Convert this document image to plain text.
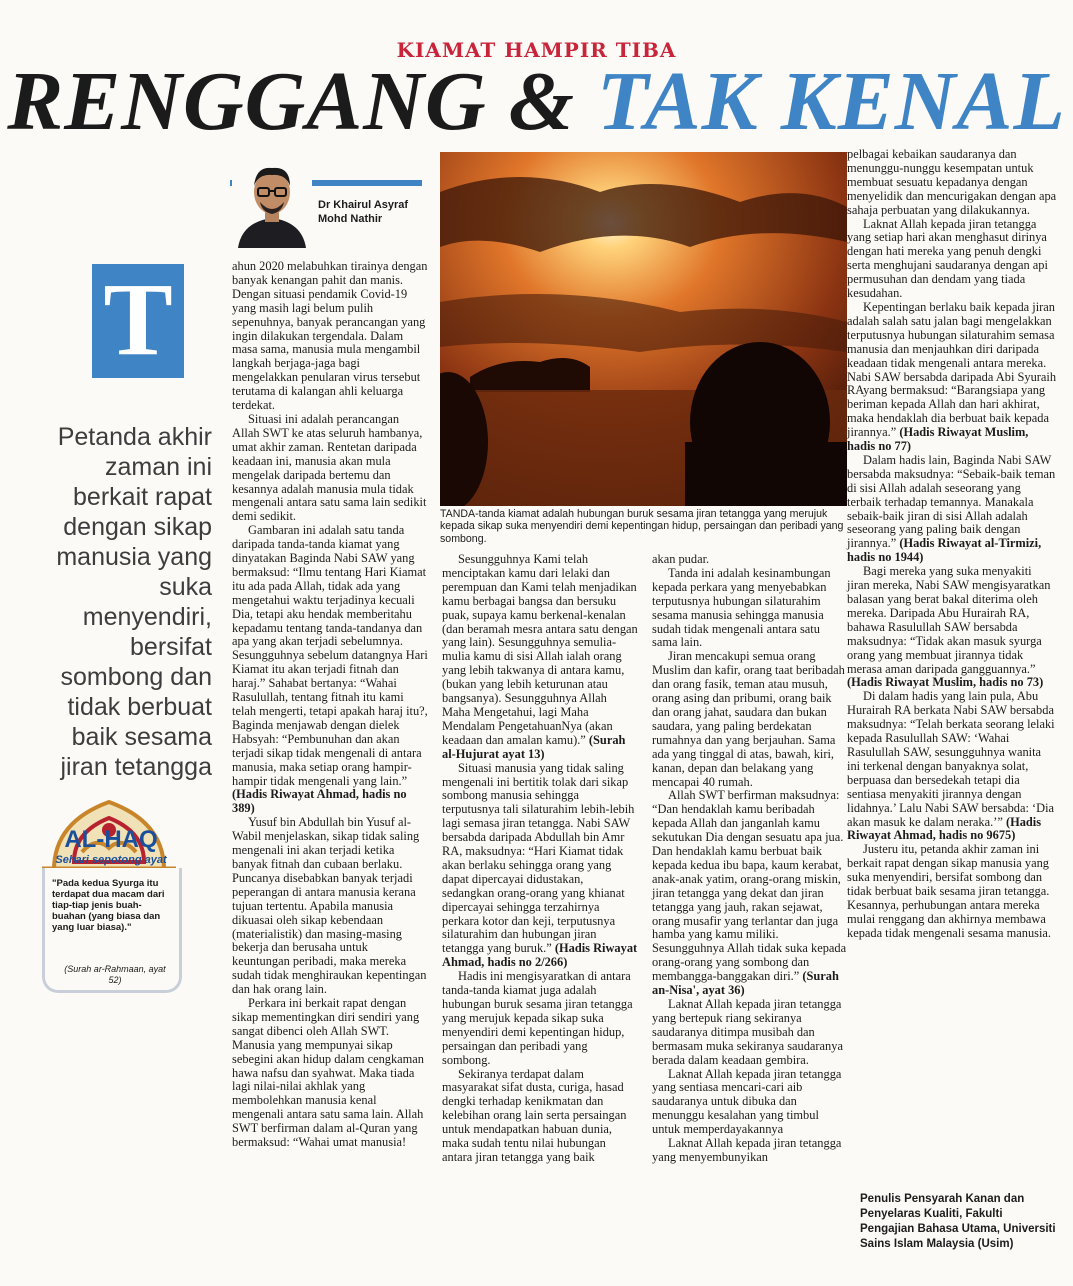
KIAMAT HAMPIR TIBA
RENGGANG & TAK KENAL
Dr Khairul Asyraf Mohd Nathir
T
Petanda akhir zaman ini berkait rapat dengan sikap manusia yang suka menyendiri, bersifat sombong dan tidak berbuat baik sesama jiran tetangga
AL-HAQ
Sehari sepotong ayat
"Pada kedua Syurga itu terdapat dua macam dari tiap-tiap jenis buah-buahan (yang biasa dan yang luar biasa)."
(Surah ar-Rahmaan, ayat 52)
TANDA-tanda kiamat adalah hubungan buruk sesama jiran tetangga yang merujuk kepada sikap suka menyendiri demi kepentingan hidup, persaingan dan peribadi yang sombong.

ahun 2020 melabuhkan tirainya dengan banyak kenangan pahit dan manis. Dengan situasi pendamik Covid-19 yang masih lagi belum pulih sepenuhnya, banyak perancangan yang ingin dilakukan tergendala. Dalam masa sama, manusia mula mengambil langkah berjaga-jaga bagi mengelakkan penularan virus tersebut terutama di kalangan ahli keluarga terdekat.

Situasi ini adalah perancangan Allah SWT ke atas seluruh hambanya, umat akhir zaman. Rentetan daripada keadaan ini, manusia akan mula mengelak daripada bertemu dan kesannya adalah manusia mula tidak mengenali antara satu sama lain sedikit demi sedikit.

Gambaran ini adalah satu tanda daripada tanda-tanda kiamat yang dinyatakan Baginda Nabi SAW yang bermaksud: “Ilmu tentang Hari Kiamat itu ada pada Allah, tidak ada yang mengetahui waktu terjadinya kecuali Dia, tetapi aku hendak memberitahu kepadamu tentang tanda-tandanya dan apa yang akan terjadi sebelumnya. Sesungguhnya sebelum datangnya Hari Kiamat itu akan terjadi fitnah dan haraj.” Sahabat bertanya: “Wahai Rasulullah, tentang fitnah itu kami telah mengerti, tetapi apakah haraj itu?, Baginda menjawab dengan dielek Habsyah: “Pembunuhan dan akan terjadi sikap tidak mengenali di antara manusia, maka setiap orang hampir-hampir tidak mengenali yang lain.” (Hadis Riwayat Ahmad, hadis no 389)

Yusuf bin Abdullah bin Yusuf al-Wabil menjelaskan, sikap tidak saling mengenali ini akan terjadi ketika banyak fitnah dan cubaan berlaku. Puncanya disebabkan banyak terjadi peperangan di antara manusia kerana tujuan tertentu. Apabila manusia dikuasai oleh sikap kebendaan (materialistik) dan masing-masing bekerja dan berusaha untuk keuntungan peribadi, maka mereka sudah tidak menghiraukan kepentingan dan hak orang lain.

Perkara ini berkait rapat dengan sikap mementingkan diri sendiri yang sangat dibenci oleh Allah SWT. Manusia yang mempunyai sikap sebegini akan hidup dalam cengkaman hawa nafsu dan syahwat. Maka tiada lagi nilai-nilai akhlak yang membolehkan manusia kenal mengenali antara satu sama lain. Allah SWT berfirman dalam al-Quran yang bermaksud: “Wahai umat manusia!

Sesungguhnya Kami telah menciptakan kamu dari lelaki dan perempuan dan Kami telah menjadikan kamu berbagai bangsa dan bersuku puak, supaya kamu berkenal-kenalan (dan beramah mesra antara satu dengan yang lain). Sesungguhnya semulia-mulia kamu di sisi Allah ialah orang yang lebih takwanya di antara kamu, (bukan yang lebih keturunan atau bangsanya). Sesungguhnya Allah Maha Mengetahui, lagi Maha Mendalam PengetahuanNya (akan keadaan dan amalan kamu).” (Surah al-Hujurat ayat 13)

Situasi manusia yang tidak saling mengenali ini bertitik tolak dari sikap sombong manusia sehingga terputusnya tali silaturahim lebih-lebih lagi semasa jiran tetangga. Nabi SAW bersabda daripada Abdullah bin Amr RA, maksudnya: “Hari Kiamat tidak akan berlaku sehingga orang yang dapat dipercayai didustakan, sedangkan orang-orang yang khianat dipercayai sehingga terzahirnya perkara kotor dan keji, terputusnya silaturahim dan hubungan jiran tetangga yang buruk.” (Hadis Riwayat Ahmad, hadis no 2/266)

Hadis ini mengisyaratkan di antara tanda-tanda kiamat juga adalah hubungan buruk sesama jiran tetangga yang merujuk kepada sikap suka menyendiri demi kepentingan hidup, persaingan dan peribadi yang sombong.

Sekiranya terdapat dalam masyarakat sifat dusta, curiga, hasad dengki terhadap kenikmatan dan kelebihan orang lain serta persaingan untuk mendapatkan habuan dunia, maka sudah tentu nilai hubungan antara jiran tetangga yang baik

akan pudar.

Tanda ini adalah kesinambungan kepada perkara yang menyebabkan terputusnya hubungan silaturahim sesama manusia sehingga manusia sudah tidak mengenali antara satu sama lain.

Jiran mencakupi semua orang Muslim dan kafir, orang taat beribadah dan orang fasik, teman atau musuh, orang asing dan pribumi, orang baik dan orang jahat, saudara dan bukan saudara, yang paling berdekatan rumahnya dan yang berjauhan. Sama ada yang tinggal di atas, bawah, kiri, kanan, depan dan belakang yang mencapai 40 rumah.

Allah SWT berfirman maksudnya: “Dan hendaklah kamu beribadah kepada Allah dan janganlah kamu sekutukan Dia dengan sesuatu apa jua. Dan hendaklah kamu berbuat baik kepada kedua ibu bapa, kaum kerabat, anak-anak yatim, orang-orang miskin, jiran tetangga yang dekat dan jiran tetangga yang jauh, rakan sejawat, orang musafir yang terlantar dan juga hamba yang kamu miliki. Sesungguhnya Allah tidak suka kepada orang-orang yang sombong dan membangga-banggakan diri.” (Surah an-Nisa', ayat 36)

Laknat Allah kepada jiran tetangga yang bertepuk riang sekiranya saudaranya ditimpa musibah dan bermasam muka sekiranya saudaranya berada dalam keadaan gembira.

Laknat Allah kepada jiran tetangga yang sentiasa mencari-cari aib saudaranya untuk dibuka dan menunggu kesalahan yang timbul untuk memperdayakannya

Laknat Allah kepada jiran tetangga yang menyembunyikan

pelbagai kebaikan saudaranya dan menunggu-nunggu kesempatan untuk membuat sesuatu kepadanya dengan menyelidik dan mencurigakan dengan apa sahaja perbuatan yang dilakukannya.

Laknat Allah kepada jiran tetangga yang setiap hari akan menghasut dirinya dengan hati mereka yang penuh dengki serta menghujani saudaranya dengan api permusuhan dan dendam yang tiada kesudahan.

Kepentingan berlaku baik kepada jiran adalah salah satu jalan bagi mengelakkan terputusnya hubungan silaturahim semasa manusia dan menjauhkan diri daripada keadaan tidak mengenali antara mereka. Nabi SAW bersabda daripada Abi Syuraih RAyang bermaksud: “Barangsiapa yang beriman kepada Allah dan hari akhirat, maka hendaklah dia berbuat baik kepada jirannya.” (Hadis Riwayat Muslim, hadis no 77)

Dalam hadis lain, Baginda Nabi SAW bersabda maksudnya: “Sebaik-baik teman di sisi Allah adalah seseorang yang terbaik terhadap temannya. Manakala sebaik-baik jiran di sisi Allah adalah seseorang yang paling baik dengan jirannya.” (Hadis Riwayat al-Tirmizi, hadis no 1944)

Bagi mereka yang suka menyakiti jiran mereka, Nabi SAW mengisyaratkan balasan yang berat bakal diterima oleh mereka. Daripada Abu Hurairah RA, bahawa Rasulullah SAW bersabda maksudnya: “Tidak akan masuk syurga orang yang membuat jirannya tidak merasa aman daripada gangguannya.” (Hadis Riwayat Muslim, hadis no 73)

Di dalam hadis yang lain pula, Abu Hurairah RA berkata Nabi SAW bersabda maksudnya: “Telah berkata seorang lelaki kepada Rasulullah SAW: ‘Wahai Rasulullah SAW, sesungguhnya wanita ini terkenal dengan banyaknya solat, berpuasa dan bersedekah tetapi dia sentiasa menyakiti jirannya dengan lidahnya.’ Lalu Nabi SAW bersabda: ‘Dia akan masuk ke dalam neraka.’” (Hadis Riwayat Ahmad, hadis no 9675)

Justeru itu, petanda akhir zaman ini berkait rapat dengan sikap manusia yang suka menyendiri, bersifat sombong dan tidak berbuat baik sesama jiran tetangga. Kesannya, perhubungan antara mereka mulai renggang dan akhirnya membawa kepada tidak mengenali sesama manusia.

Penulis Pensyarah Kanan dan Penyelaras Kualiti, Fakulti Pengajian Bahasa Utama, Universiti Sains Islam Malaysia (Usim)
